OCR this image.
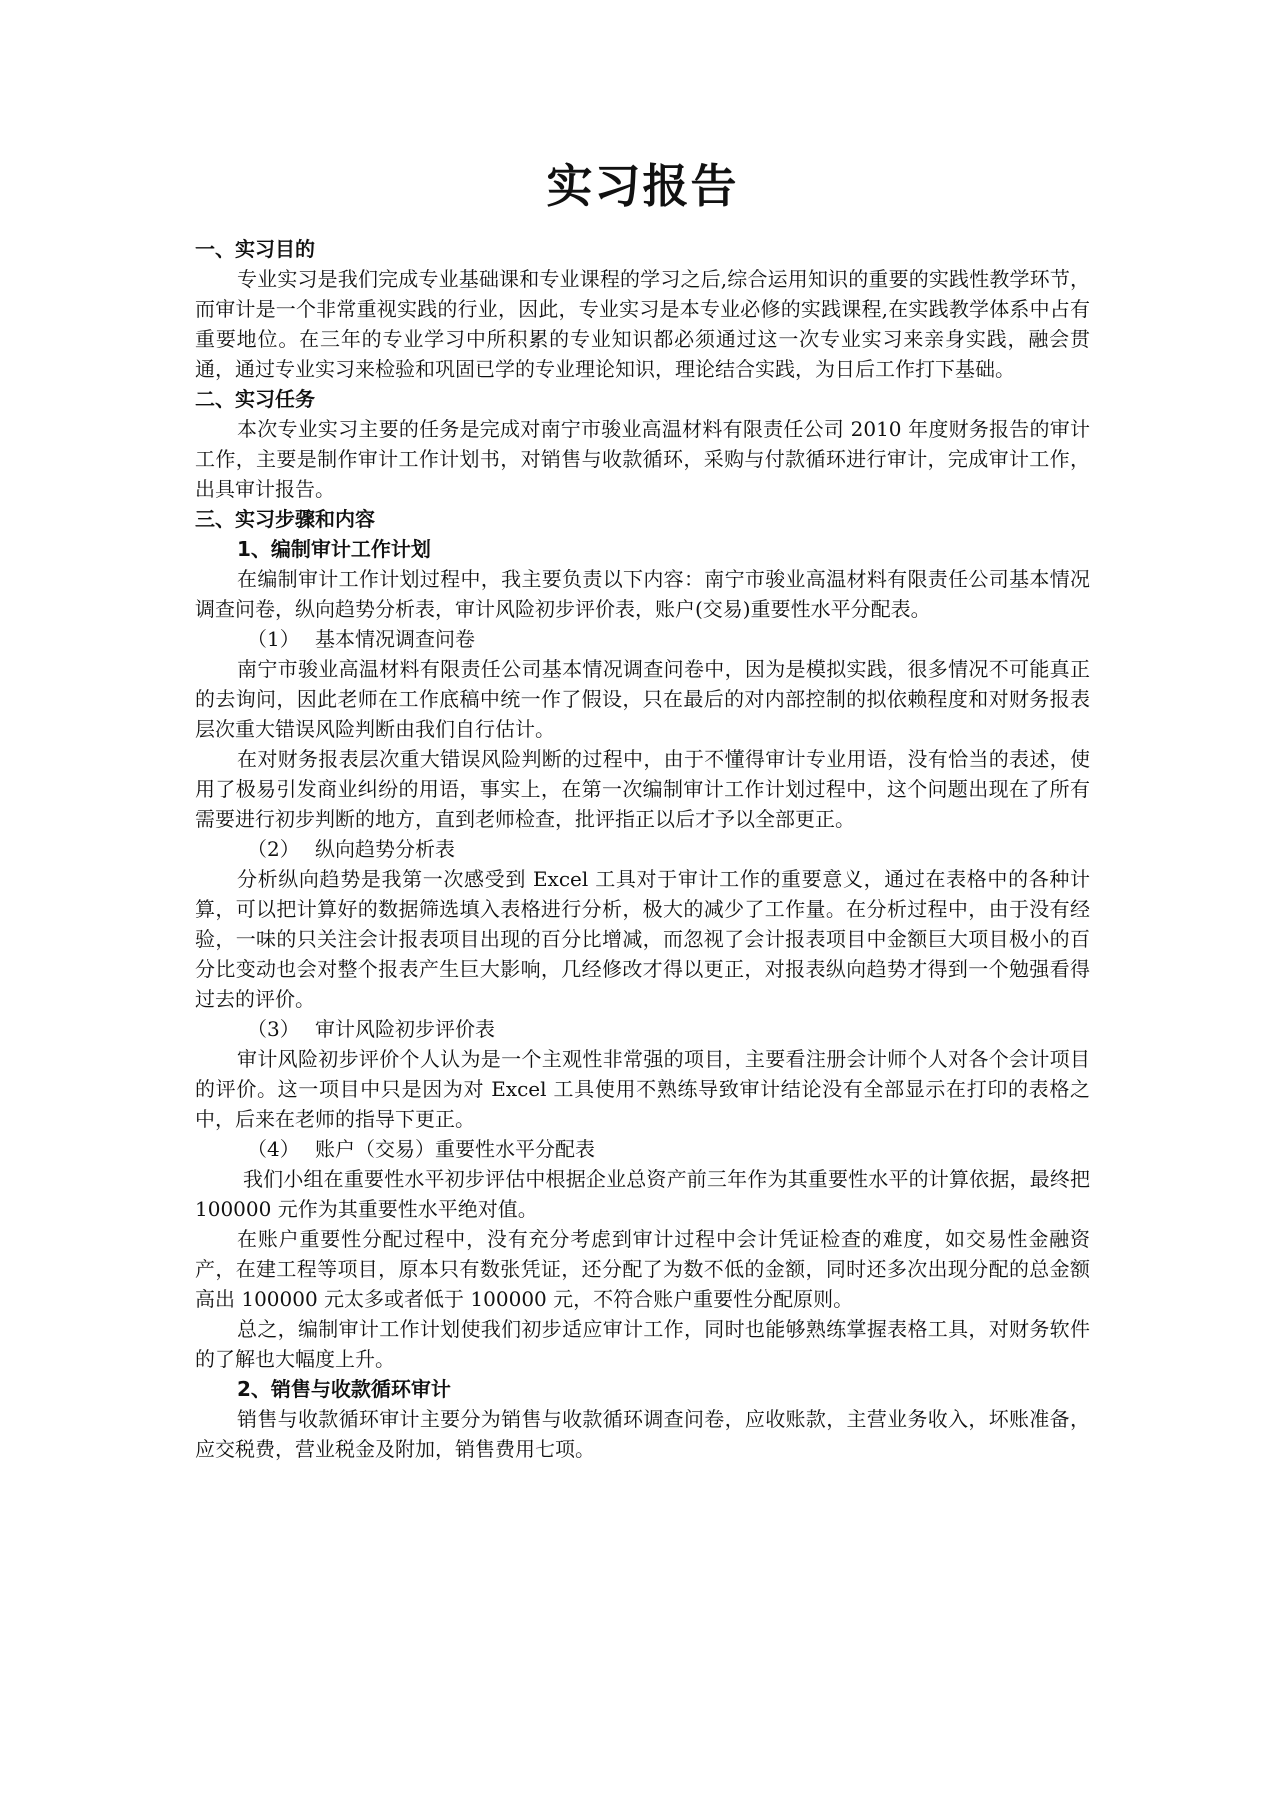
实习报告
一、实习目的

专业实习是我们完成专业基础课和专业课程的学习之后,综合运用知识的重要的实践性教学环节，而审计是一个非常重视实践的行业，因此，专业实习是本专业必修的实践课程,在实践教学体系中占有重要地位。在三年的专业学习中所积累的专业知识都必须通过这一次专业实习来亲身实践，融会贯通，通过专业实习来检验和巩固已学的专业理论知识，理论结合实践，为日后工作打下基础。

二、实习任务

本次专业实习主要的任务是完成对南宁市骏业高温材料有限责任公司 2010 年度财务报告的审计工作，主要是制作审计工作计划书，对销售与收款循环，采购与付款循环进行审计，完成审计工作，出具审计报告。

三、实习步骤和内容
1、编制审计工作计划

在编制审计工作计划过程中，我主要负责以下内容：南宁市骏业高温材料有限责任公司基本情况调查问卷，纵向趋势分析表，审计风险初步评价表，账户(交易)重要性水平分配表。

（1） 基本情况调查问卷

南宁市骏业高温材料有限责任公司基本情况调查问卷中，因为是模拟实践，很多情况不可能真正的去询问，因此老师在工作底稿中统一作了假设，只在最后的对内部控制的拟依赖程度和对财务报表层次重大错误风险判断由我们自行估计。

在对财务报表层次重大错误风险判断的过程中，由于不懂得审计专业用语，没有恰当的表述，使用了极易引发商业纠纷的用语，事实上，在第一次编制审计工作计划过程中，这个问题出现在了所有需要进行初步判断的地方，直到老师检查，批评指正以后才予以全部更正。

（2） 纵向趋势分析表

分析纵向趋势是我第一次感受到 Excel 工具对于审计工作的重要意义，通过在表格中的各种计算，可以把计算好的数据筛选填入表格进行分析，极大的减少了工作量。在分析过程中，由于没有经验，一味的只关注会计报表项目出现的百分比增减，而忽视了会计报表项目中金额巨大项目极小的百分比变动也会对整个报表产生巨大影响，几经修改才得以更正，对报表纵向趋势才得到一个勉强看得过去的评价。

（3） 审计风险初步评价表

审计风险初步评价个人认为是一个主观性非常强的项目，主要看注册会计师个人对各个会计项目的评价。这一项目中只是因为对 Excel 工具使用不熟练导致审计结论没有全部显示在打印的表格之中，后来在老师的指导下更正。

（4） 账户（交易）重要性水平分配表

我们小组在重要性水平初步评估中根据企业总资产前三年作为其重要性水平的计算依据，最终把 100000 元作为其重要性水平绝对值。

在账户重要性分配过程中，没有充分考虑到审计过程中会计凭证检查的难度，如交易性金融资产，在建工程等项目，原本只有数张凭证，还分配了为数不低的金额，同时还多次出现分配的总金额高出 100000 元太多或者低于 100000 元，不符合账户重要性分配原则。

总之，编制审计工作计划使我们初步适应审计工作，同时也能够熟练掌握表格工具，对财务软件的了解也大幅度上升。

2、销售与收款循环审计

销售与收款循环审计主要分为销售与收款循环调查问卷，应收账款，主营业务收入，坏账准备，应交税费，营业税金及附加，销售费用七项。
